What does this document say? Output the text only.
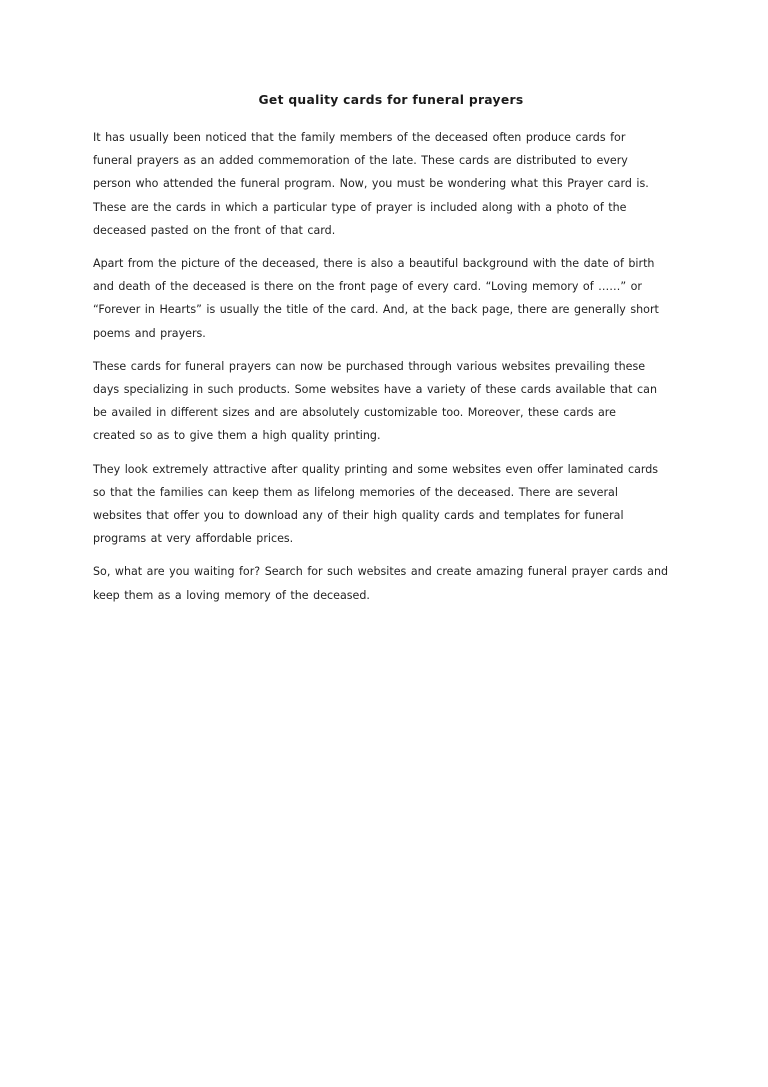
Get quality cards for funeral prayers

It has usually been noticed that the family members of the deceased often produce cards for
funeral prayers as an added commemoration of the late. These cards are distributed to every
person who attended the funeral program. Now, you must be wondering what this Prayer card is.
These are the cards in which a particular type of prayer is included along with a photo of the
deceased pasted on the front of that card.

Apart from the picture of the deceased, there is also a beautiful background with the date of birth
and death of the deceased is there on the front page of every card. “Loving memory of ……” or
“Forever in Hearts” is usually the title of the card. And, at the back page, there are generally short
poems and prayers.

These cards for funeral prayers can now be purchased through various websites prevailing these
days specializing in such products. Some websites have a variety of these cards available that can
be availed in different sizes and are absolutely customizable too. Moreover, these cards are
created so as to give them a high quality printing.

They look extremely attractive after quality printing and some websites even offer laminated cards
so that the families can keep them as lifelong memories of the deceased. There are several
websites that offer you to download any of their high quality cards and templates for funeral
programs at very affordable prices.

So, what are you waiting for? Search for such websites and create amazing funeral prayer cards and
keep them as a loving memory of the deceased.
